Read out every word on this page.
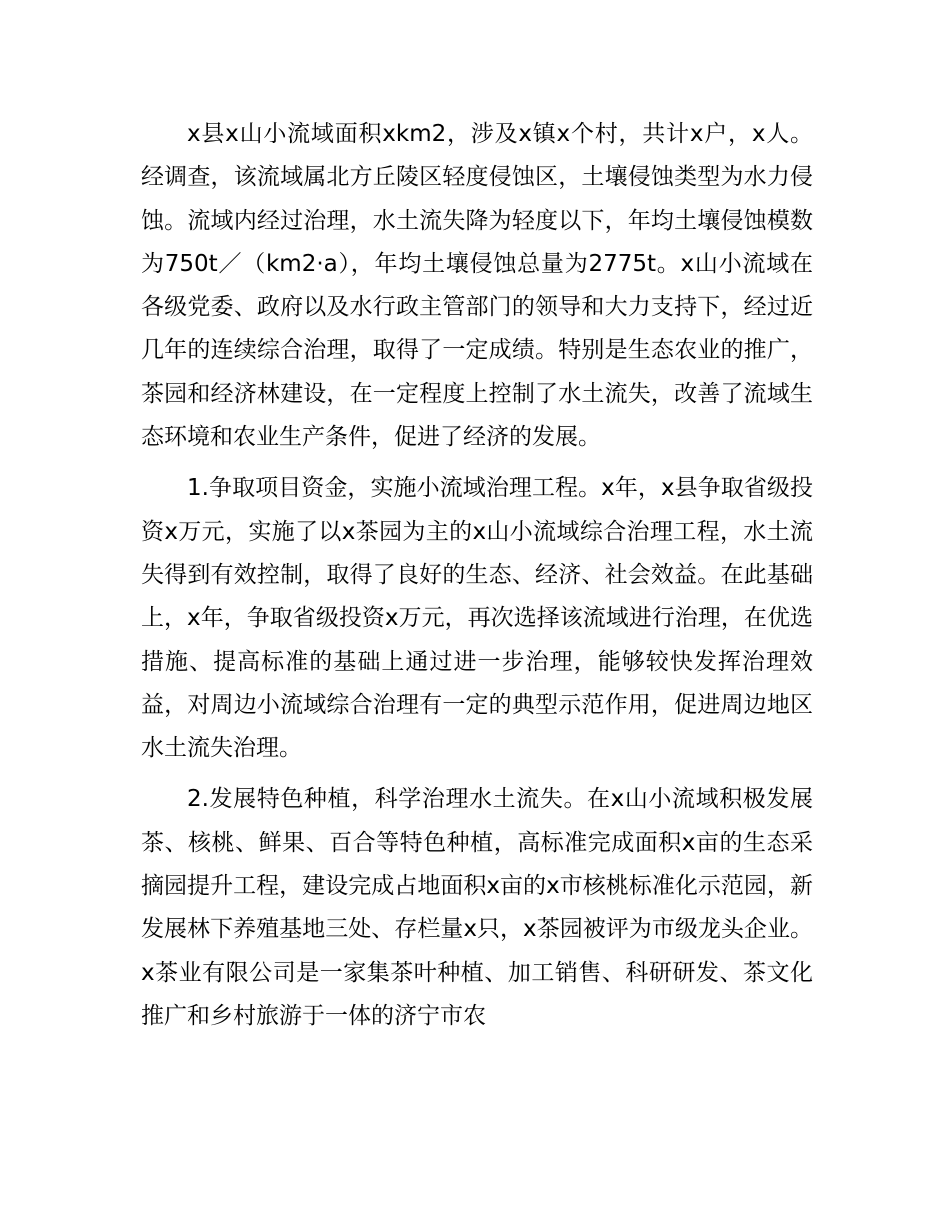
x县x山小流域面积xkm2，涉及x镇x个村，共计x户，x人。经调查，该流域属北方丘陵区轻度侵蚀区，土壤侵蚀类型为水力侵蚀。流域内经过治理，水土流失降为轻度以下，年均土壤侵蚀模数为750t／（km2·a），年均土壤侵蚀总量为2775t。x山小流域在各级党委、政府以及水行政主管部门的领导和大力支持下，经过近几年的连续综合治理，取得了一定成绩。特别是生态农业的推广，茶园和经济林建设，在一定程度上控制了水土流失，改善了流域生态环境和农业生产条件，促进了经济的发展。

1.争取项目资金，实施小流域治理工程。x年，x县争取省级投资x万元，实施了以x茶园为主的x山小流域综合治理工程，水土流失得到有效控制，取得了良好的生态、经济、社会效益。在此基础上，x年，争取省级投资x万元，再次选择该流域进行治理，在优选措施、提高标准的基础上通过进一步治理，能够较快发挥治理效益，对周边小流域综合治理有一定的典型示范作用，促进周边地区水土流失治理。

2.发展特色种植，科学治理水土流失。在x山小流域积极发展茶、核桃、鲜果、百合等特色种植，高标准完成面积x亩的生态采摘园提升工程，建设完成占地面积x亩的x市核桃标准化示范园，新发展林下养殖基地三处、存栏量x只，x茶园被评为市级龙头企业。x茶业有限公司是一家集茶叶种植、加工销售、科研研发、茶文化推广和乡村旅游于一体的济宁市农
